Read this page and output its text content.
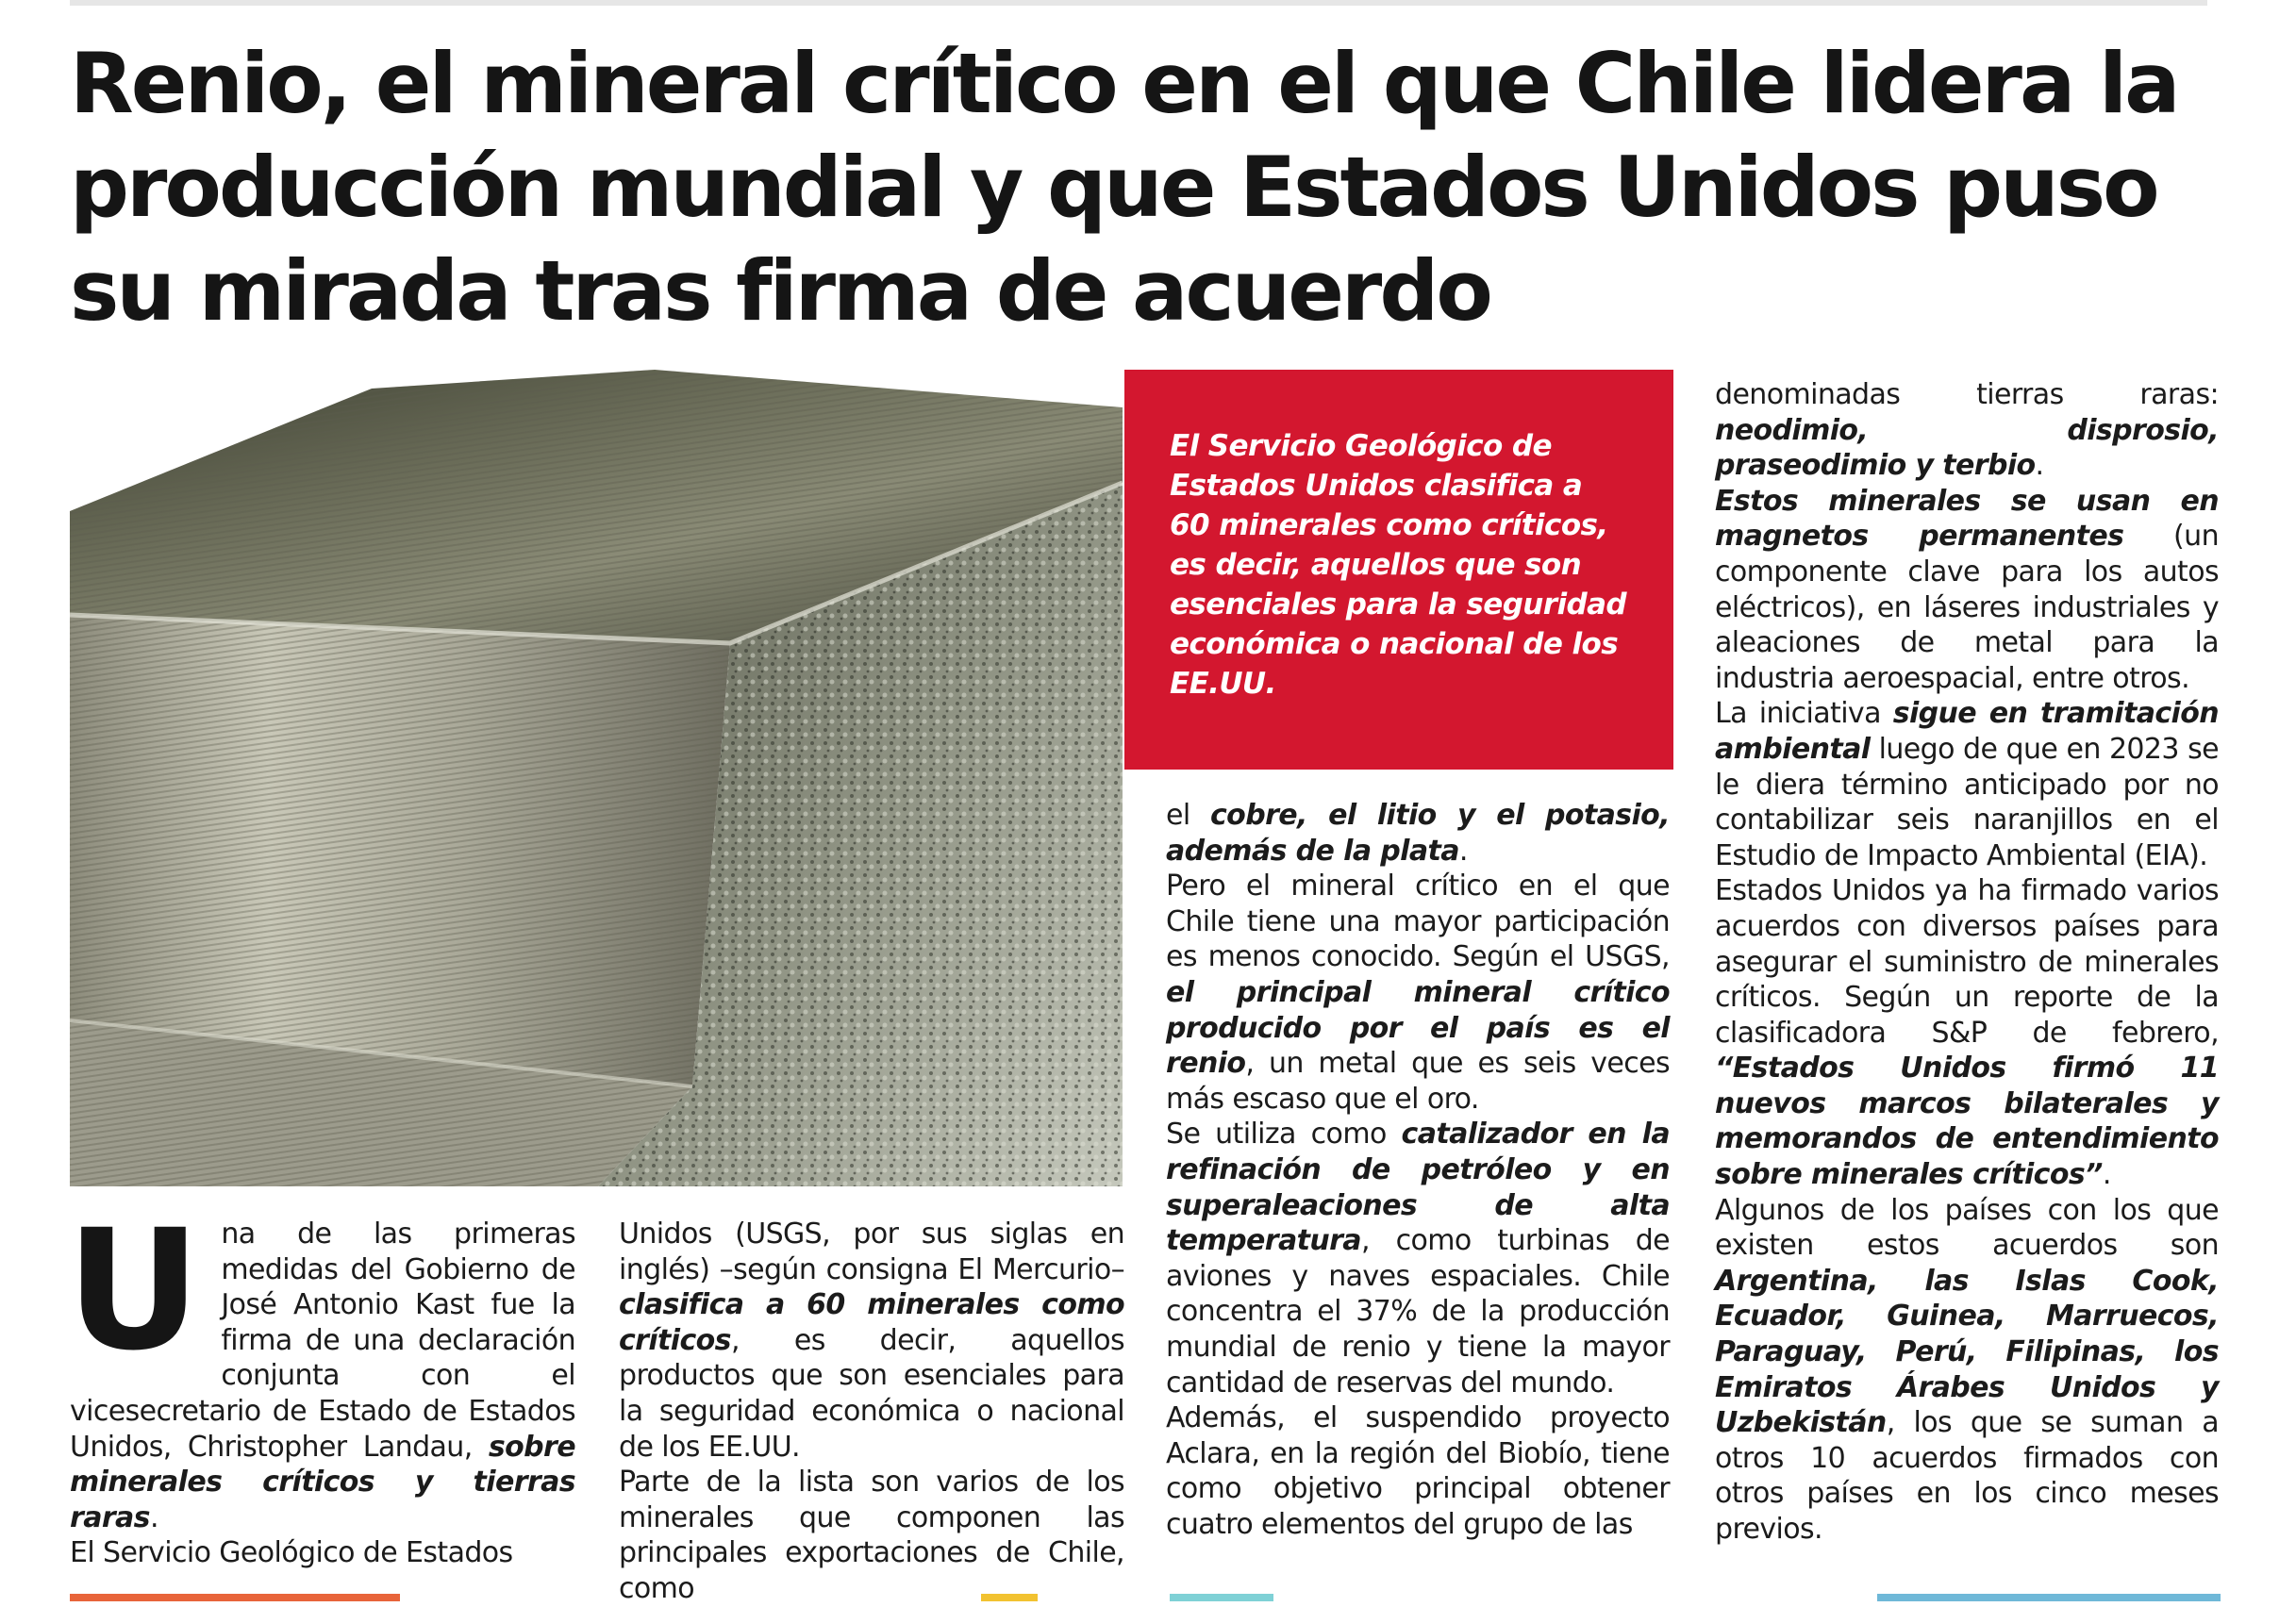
Renio, el mineral crítico en el que Chile lidera la producción mundial y que Estados Unidos puso su mirada tras firma de acuerdo

El Servicio Geológico de Estados Unidos clasifica a 60 minerales como críticos, es decir, aquellos que son esenciales para la seguridad económica o nacional de los EE.UU.

U na de las primeras medidas del Gobierno de José Antonio Kast fue la firma de una declaración conjunta con el vicesecretario de Estado de Estados Unidos, Christopher Landau, sobre minerales críticos y tierras raras.

El Servicio Geológico de Estados

Unidos (USGS, por sus siglas en inglés) –según consigna El Mercurio– clasifica a 60 minerales como críticos, es decir, aquellos productos que son esenciales para la seguridad económica o nacional de los EE.UU.

Parte de la lista son varios de los minerales que componen las principales exportaciones de Chile, como

el cobre, el litio y el potasio, además de la plata.

Pero el mineral crítico en el que Chile tiene una mayor participación es menos conocido. Según el USGS, el principal mineral crítico producido por el país es el renio, un metal que es seis veces más escaso que el oro.

Se utiliza como catalizador en la refinación de petróleo y en superaleaciones de alta temperatura, como turbinas de aviones y naves espaciales. Chile concentra el 37% de la producción mundial de renio y tiene la mayor cantidad de reservas del mundo.

Además, el suspendido proyecto Aclara, en la región del Biobío, tiene como objetivo principal obtener cuatro elementos del grupo de las

denominadas tierras raras: neodimio, disprosio, praseodimio y terbio.

Estos minerales se usan en magnetos permanentes (un componente clave para los autos eléctricos), en láseres industriales y aleaciones de metal para la industria aeroespacial, entre otros.

La iniciativa sigue en tramitación ambiental luego de que en 2023 se le diera término anticipado por no contabilizar seis naranjillos en el Estudio de Impacto Ambiental (EIA).

Estados Unidos ya ha firmado varios acuerdos con diversos países para asegurar el suministro de minerales críticos. Según un reporte de la clasificadora S&P de febrero, “Estados Unidos firmó 11 nuevos marcos bilaterales y memorandos de entendimiento sobre minerales críticos”.

Algunos de los países con los que existen estos acuerdos son Argentina, las Islas Cook, Ecuador, Guinea, Marruecos, Paraguay, Perú, Filipinas, los Emiratos Árabes Unidos y Uzbekistán, los que se suman a otros 10 acuerdos firmados con otros países en los cinco meses previos.
